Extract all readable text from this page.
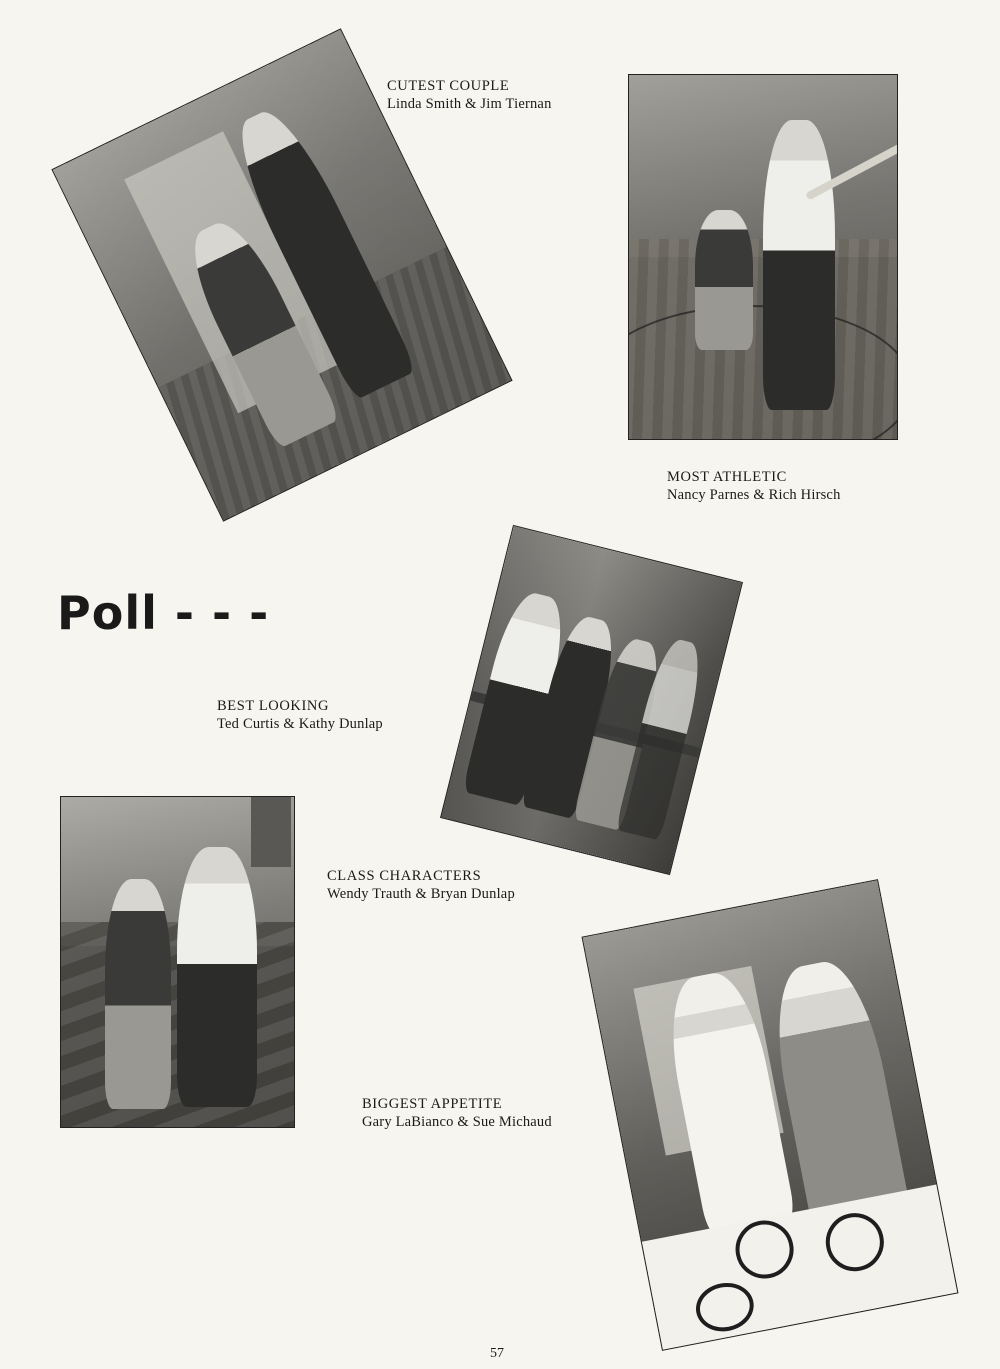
CUTEST COUPLE
Linda Smith & Jim Tiernan
MOST ATHLETIC
Nancy Parnes & Rich Hirsch
Poll - - -
BEST LOOKING
Ted Curtis & Kathy Dunlap
CLASS CHARACTERS
Wendy Trauth & Bryan Dunlap
BIGGEST APPETITE
Gary LaBianco & Sue Michaud
57
